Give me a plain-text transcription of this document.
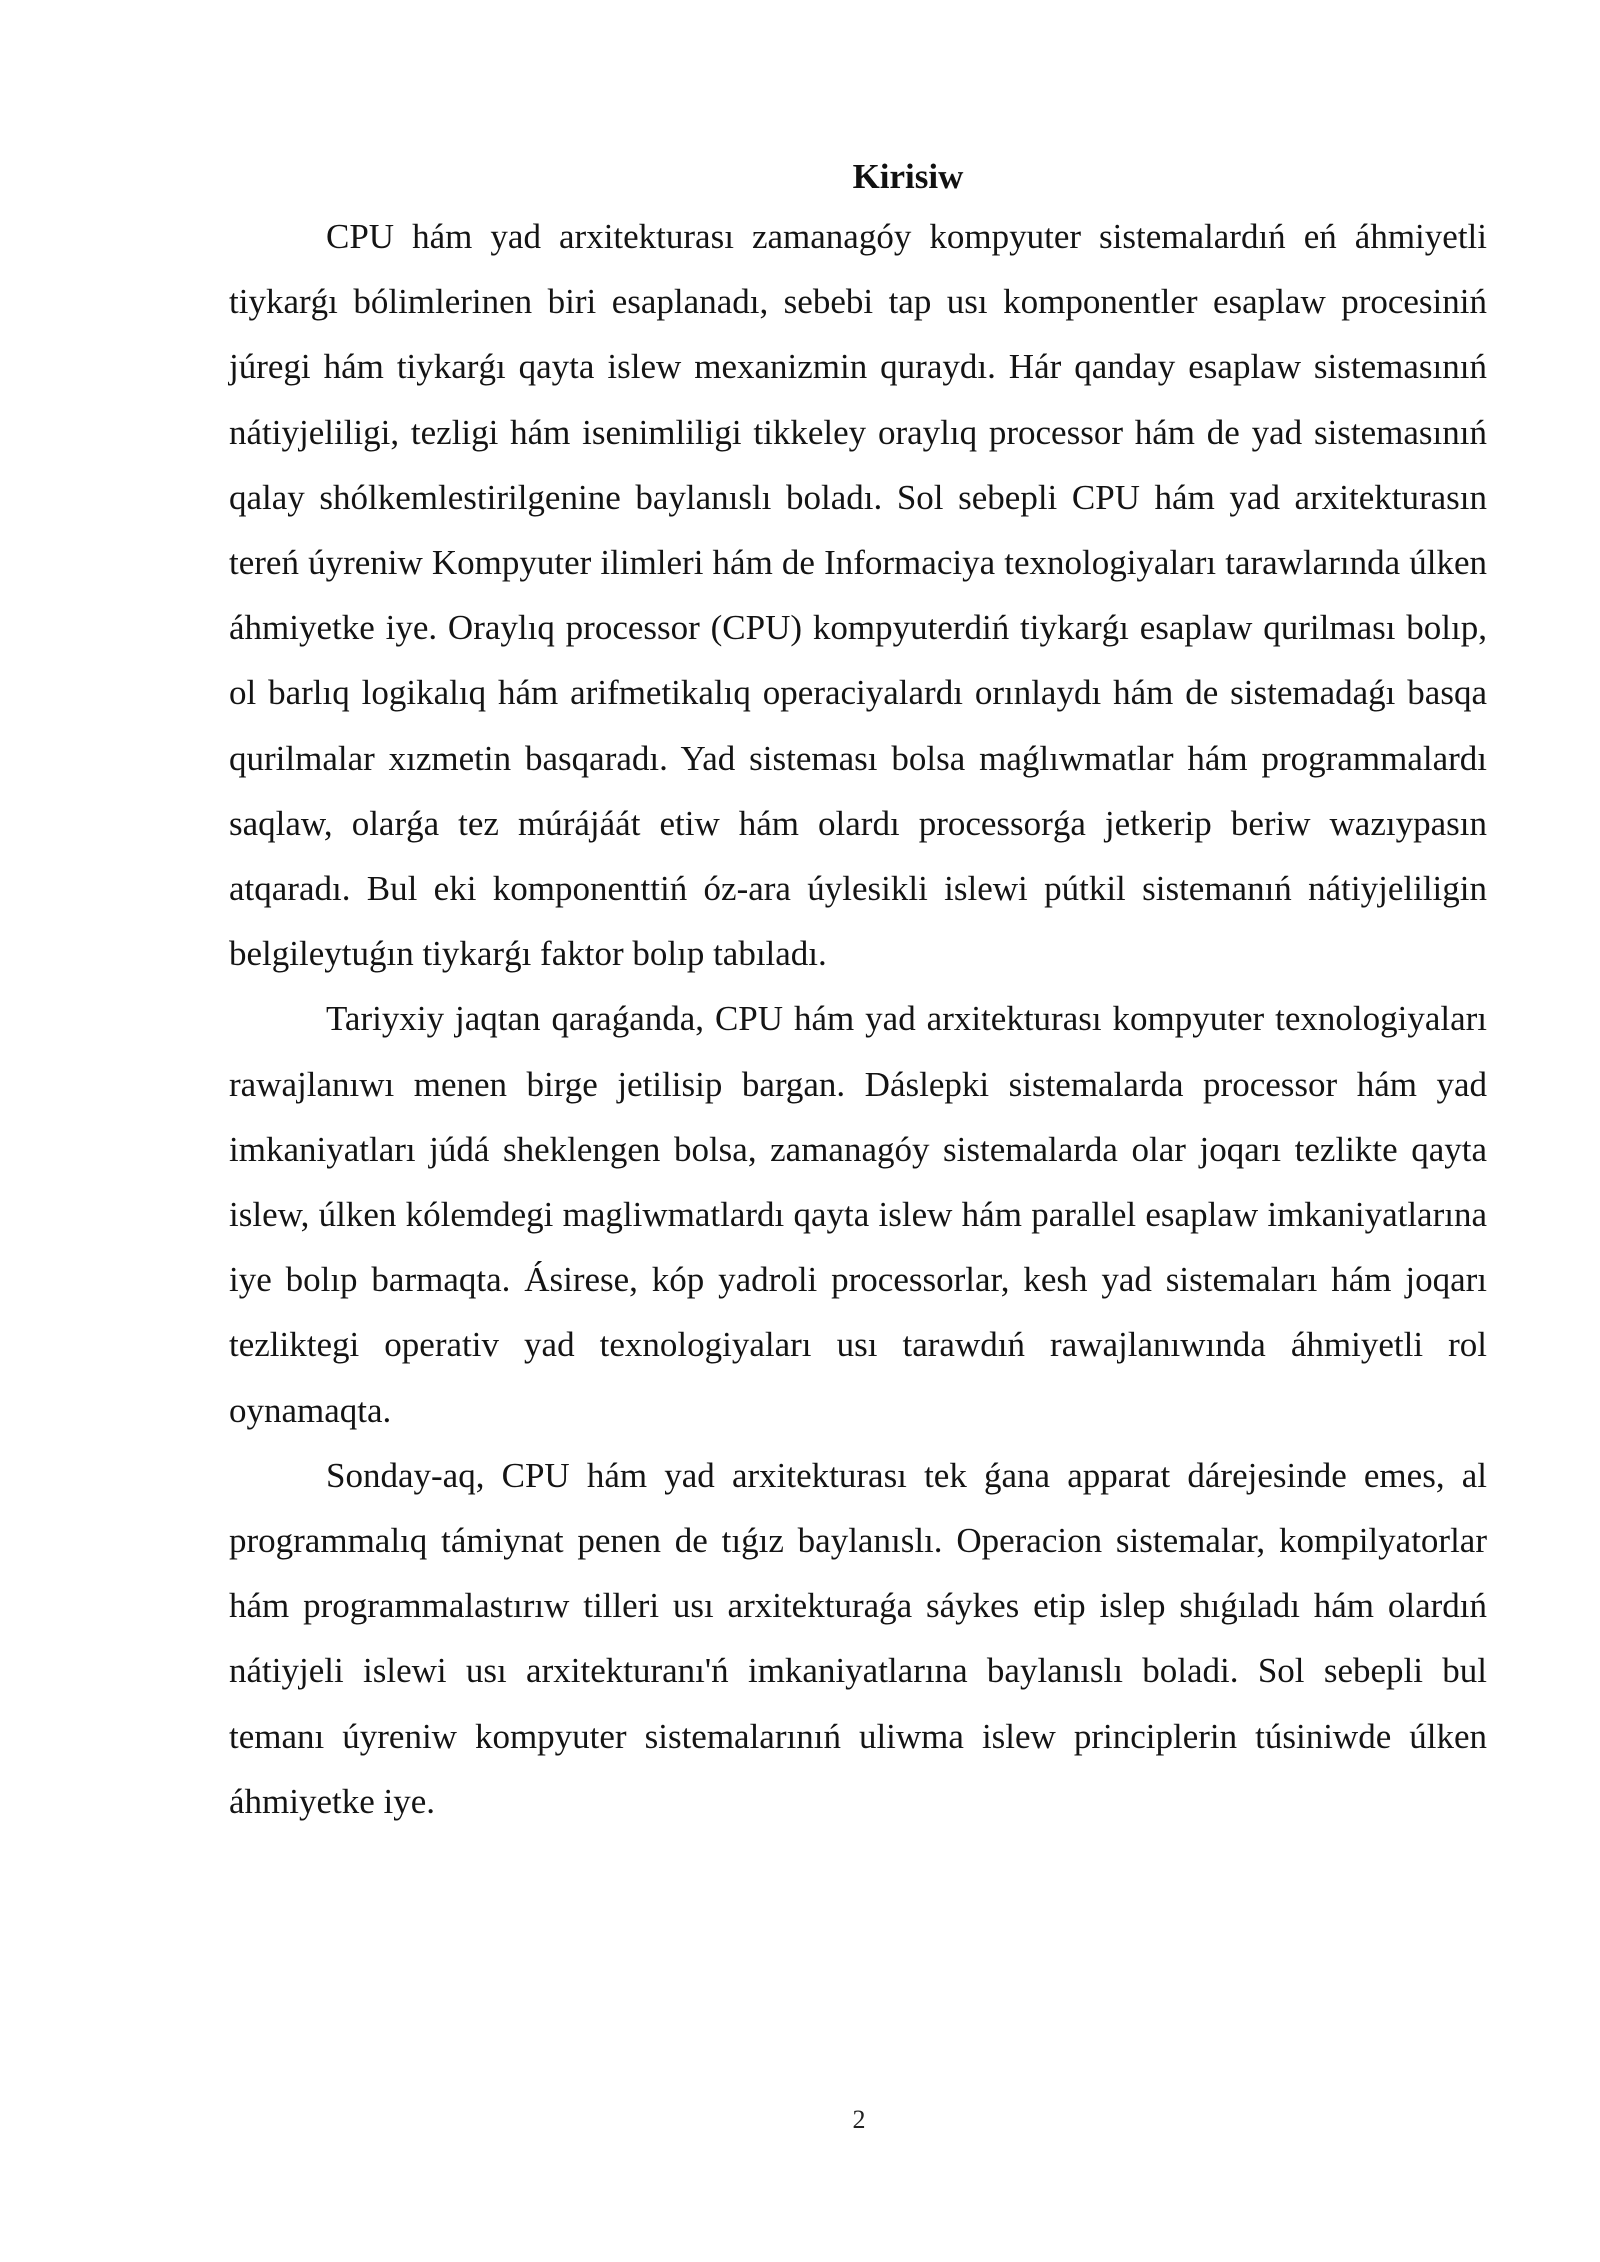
Kirisiw

CPU hám yad arxitekturası zamanagóy kompyuter sistemalardıń eń áhmiyetli tiykarǵı bólimlerinen biri esaplanadı, sebebi tap usı komponentler esaplaw procesiniń júregi hám tiykarǵı qayta islew mexanizmin quraydı. Hár qanday esaplaw sistemasınıń nátiyjeliligi, tezligi hám isenimliligi tikkeley oraylıq processor hám de yad sistemasınıń qalay shólkemlestirilgenine baylanıslı boladı. Sol sebepli CPU hám yad arxitekturasın tereń úyreniw Kompyuter ilimleri hám de Informaciya texnologiyaları tarawlarında úlken áhmiyetke iye. Oraylıq processor (CPU) kompyuterdiń tiykarǵı esaplaw qurilması bolıp, ol barlıq logikalıq hám arifmetikalıq operaciyalardı orınlaydı hám de sistemadaǵı basqa qurilmalar xızmetin basqaradı. Yad sisteması bolsa maǵlıwmatlar hám programmalardı saqlaw, olarǵa tez múrájáát etiw hám olardı processorǵa jetkerip beriw wazıypasın atqaradı. Bul eki komponenttiń óz-ara úylesikli islewi pútkil sistemanıń nátiyjeliligin belgileytuǵın tiykarǵı faktor bolıp tabıladı.

Tariyxiy jaqtan qaraǵanda, CPU hám yad arxitekturası kompyuter texnologiyaları rawajlanıwı menen birge jetilisip bargan. Dáslepki sistemalarda processor hám yad imkaniyatları júdá sheklengen bolsa, zamanagóy sistemalarda olar joqarı tezlikte qayta islew, úlken kólemdegi magliwmatlardı qayta islew hám parallel esaplaw imkaniyatlarına iye bolıp barmaqta. Ásirese, kóp yadroli processorlar, kesh yad sistemaları hám joqarı tezliktegi operativ yad texnologiyaları usı tarawdıń rawajlanıwında áhmiyetli rol oynamaqta.

Sonday-aq, CPU hám yad arxitekturası tek ǵana apparat dárejesinde emes, al programmalıq támiynat penen de tıǵız baylanıslı. Operacion sistemalar, kompilyatorlar hám programmalastırıw tilleri usı arxitekturaǵa sáykes etip islep shıǵıladı hám olardıń nátiyjeli islewi usı arxitekturanı'ń imkaniyatlarına baylanıslı boladi. Sol sebepli bul temanı úyreniw kompyuter sistemalarınıń uliwma islew principlerin túsiniwde úlken áhmiyetke iye.

2
